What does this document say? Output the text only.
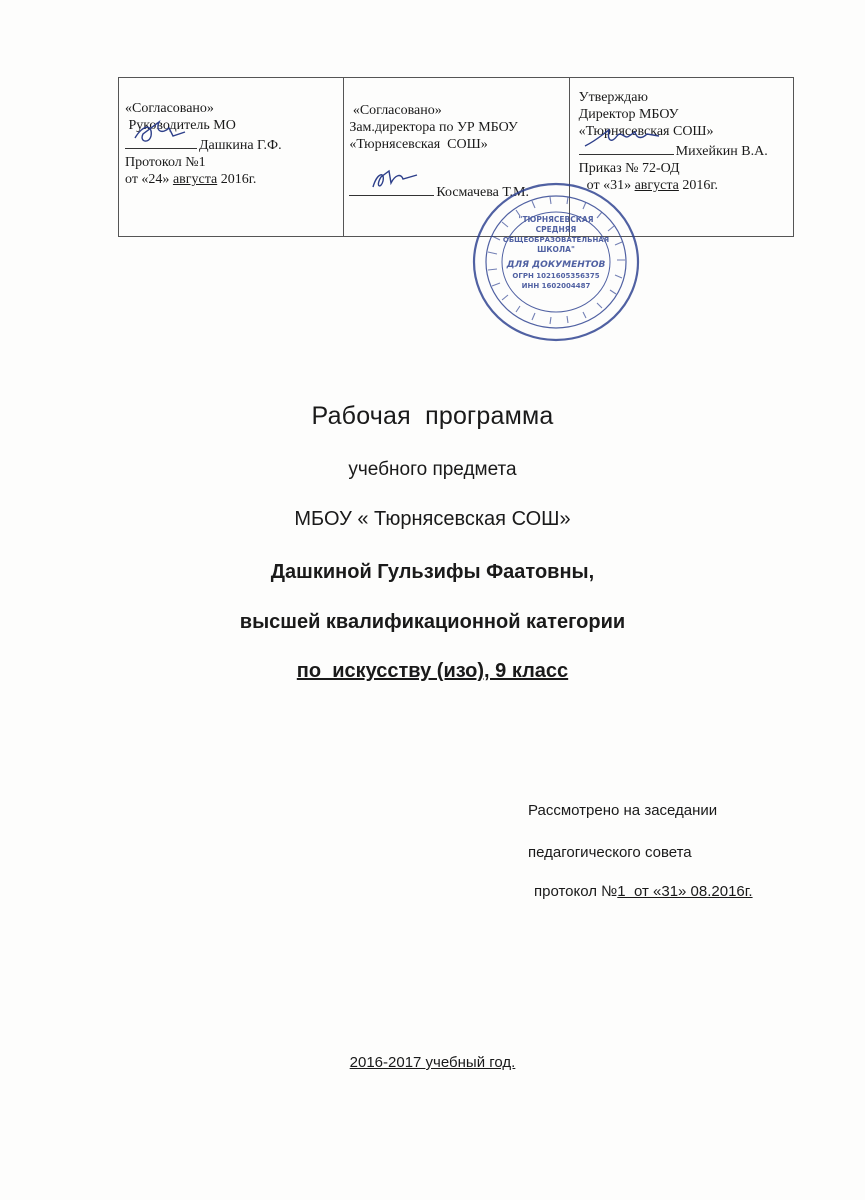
«Согласовано»
Руководитель МО
Дашкина Г.Ф.
Протокол №1
от «24» августа 2016г.
«Согласовано»
Зам.директора по УР МБОУ
«Тюрнясевская  СОШ»
Космачева Т.М.
Утверждаю
Директор МБОУ
«Тюрнясевская СОШ»
Михейкин В.А.
Приказ № 72-ОД
от «31» августа 2016г.
"ТЮРНЯСЕВСКАЯ
СРЕДНЯЯ
ОБЩЕОБРАЗОВАТЕЛЬНАЯ
ШКОЛА"
ДЛЯ ДОКУМЕНТОВ
ОГРН 1021605356375
ИНН 1602004487
Рабочая  программа
учебного предмета
МБОУ « Тюрнясевская СОШ»
Дашкиной Гульзифы Фаатовны,
высшей квалификационной категории
по  искусству (изо), 9 класс
Рассмотрено на заседании
педагогического совета
протокол №1  от «31» 08.2016г.
2016-2017 учебный год.
